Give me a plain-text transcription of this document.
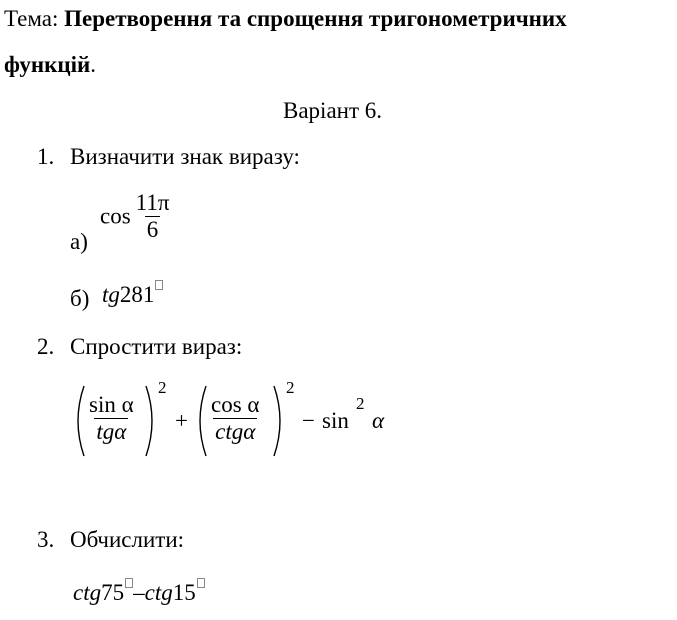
Тема: Перетворення та спрощення тригонометричних
функцій.
Варіант 6.
1. Визначити знак виразу:
а)
$\cos \frac{11\pi}{6}$
б) tg281
2. Спростити вираз:
sin α
tgα
2
+
cos α
ctgα
2
− sin
2
α
3. Обчислити:
ctg75 –ctg15
